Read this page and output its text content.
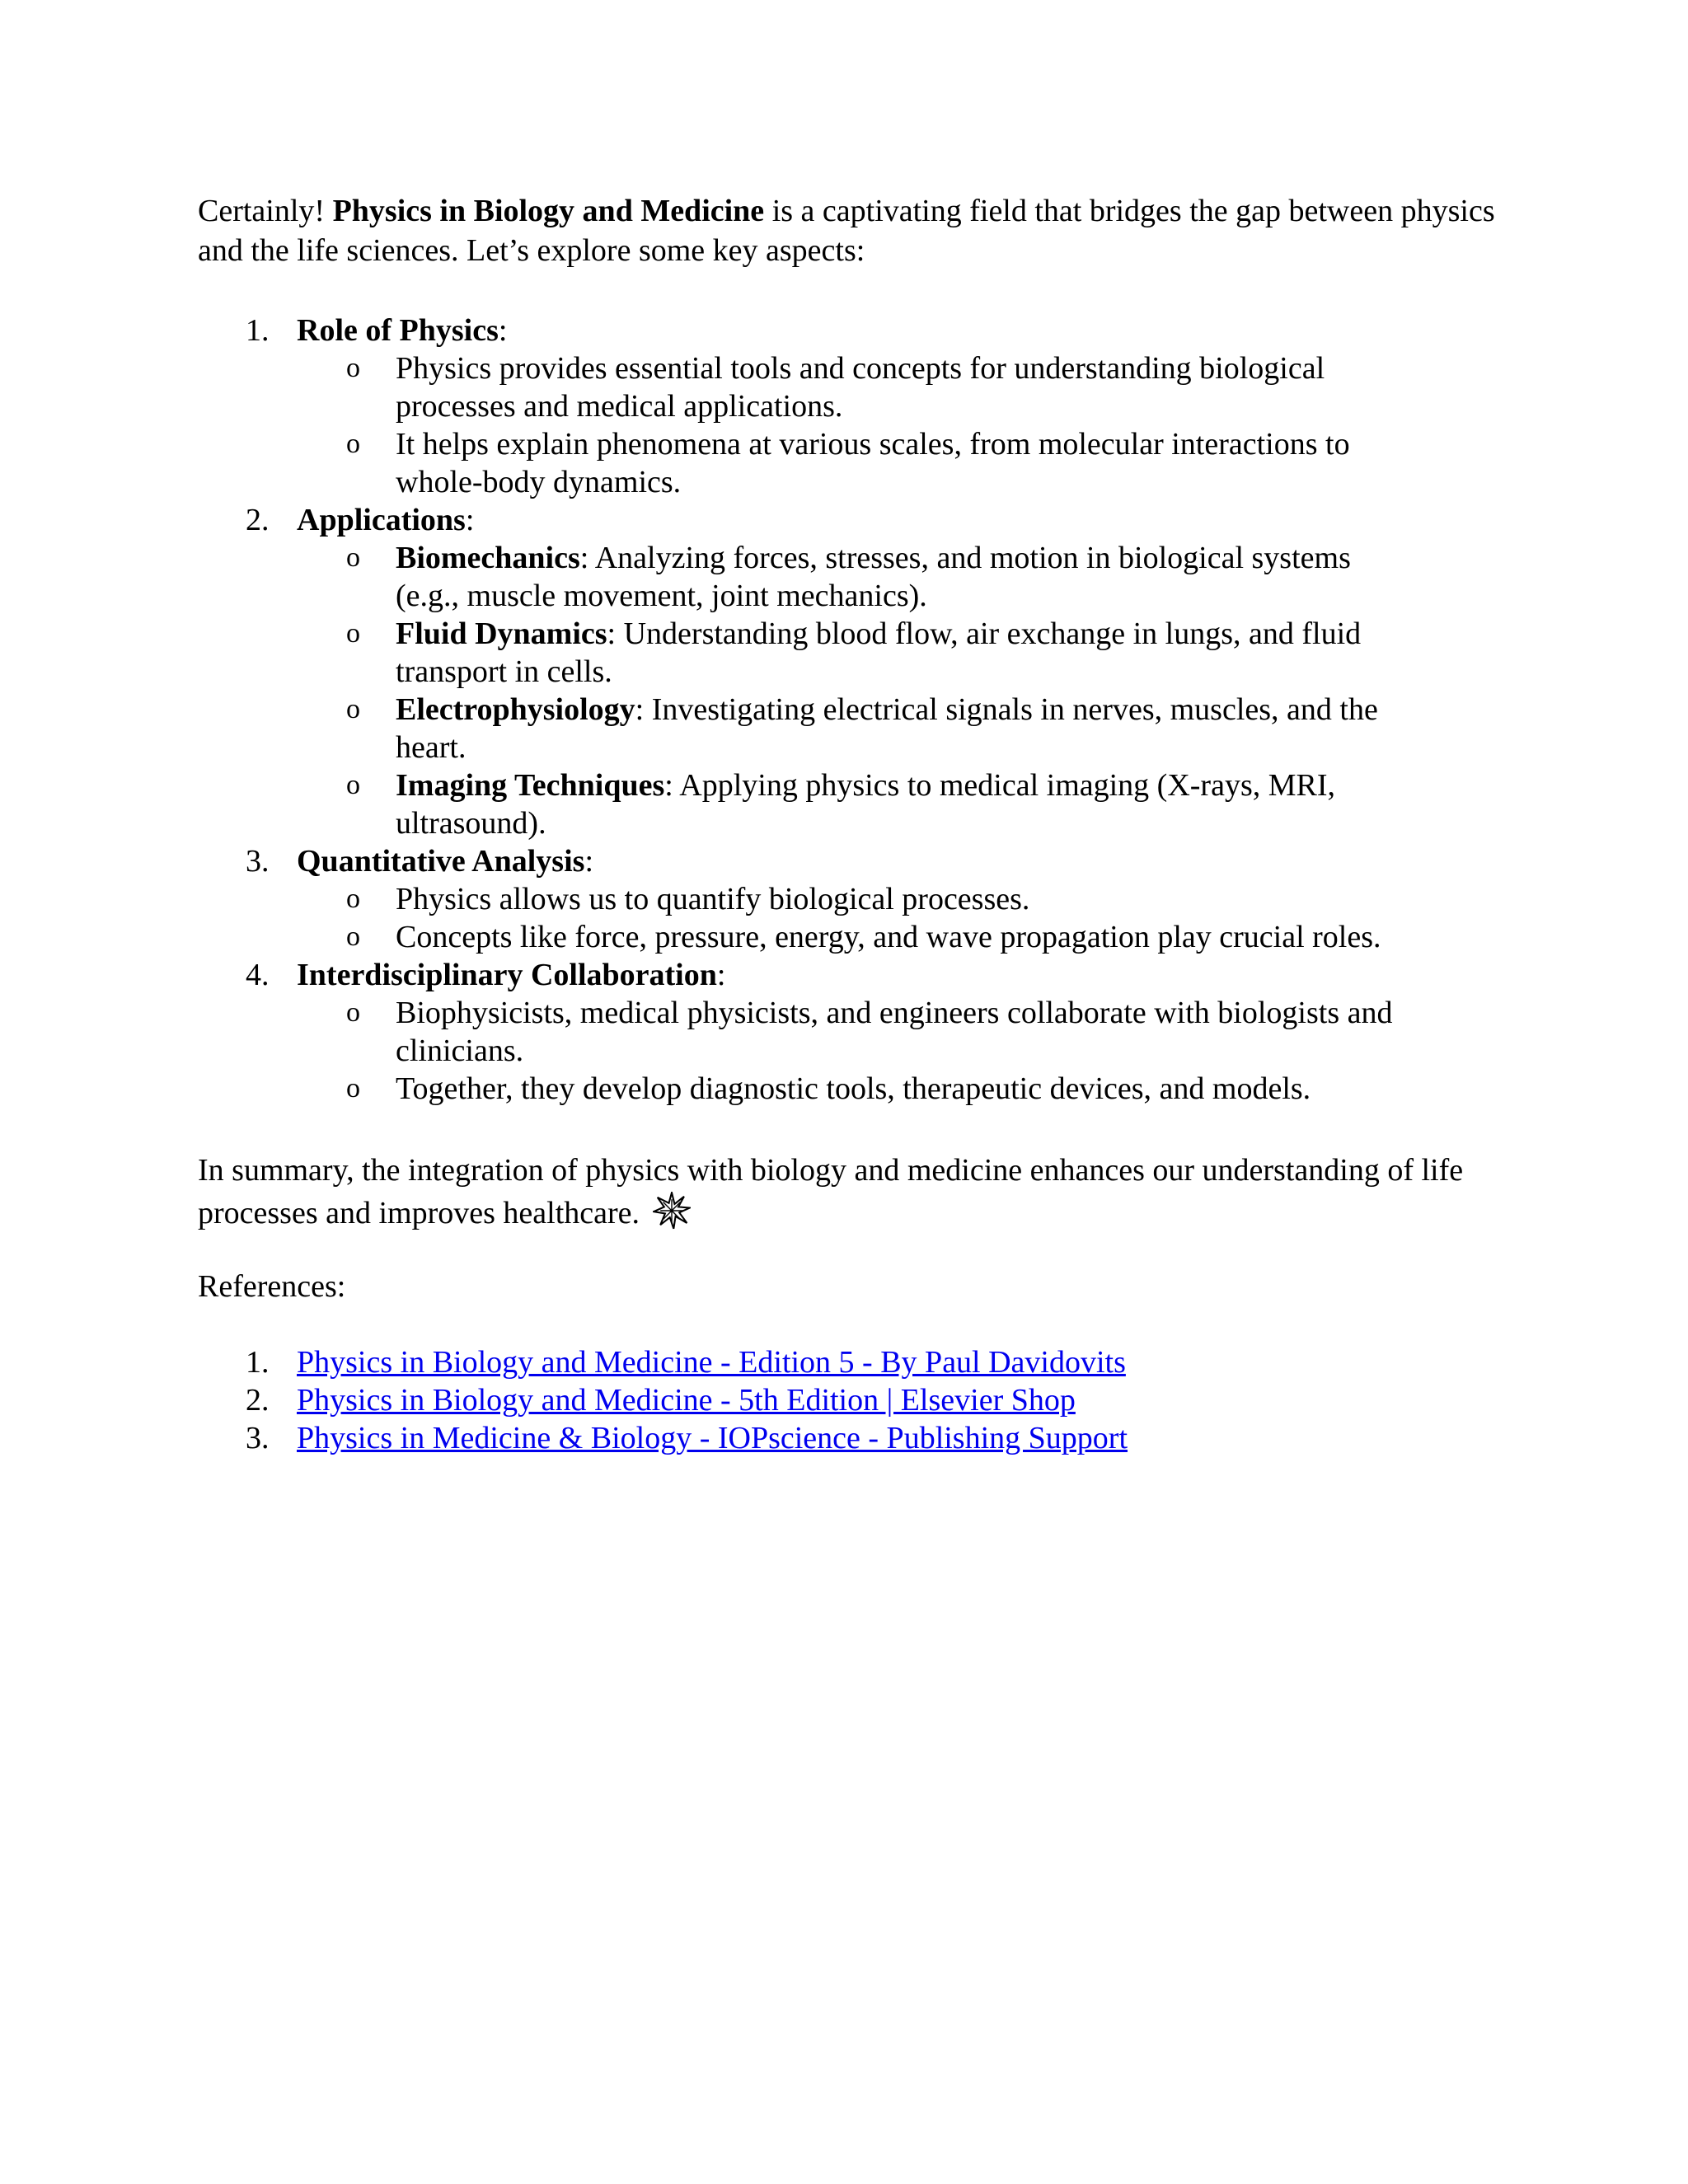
Certainly! Physics in Biology and Medicine is a captivating field that bridges the gap between physics and the life sciences. Let’s explore some key aspects:

1. Role of Physics:
o	Physics provides essential tools and concepts for understanding biological processes and medical applications.
o	It helps explain phenomena at various scales, from molecular interactions to whole-body dynamics.
2. Applications:
o	Biomechanics: Analyzing forces, stresses, and motion in biological systems (e.g., muscle movement, joint mechanics).
o	Fluid Dynamics: Understanding blood flow, air exchange in lungs, and fluid transport in cells.
o	Electrophysiology: Investigating electrical signals in nerves, muscles, and the heart.
o	Imaging Techniques: Applying physics to medical imaging (X-rays, MRI, ultrasound).
3. Quantitative Analysis:
o	Physics allows us to quantify biological processes.
o	Concepts like force, pressure, energy, and wave propagation play crucial roles.
4. Interdisciplinary Collaboration:
o	Biophysicists, medical physicists, and engineers collaborate with biologists and clinicians.
o	Together, they develop diagnostic tools, therapeutic devices, and models.

In summary, the integration of physics with biology and medicine enhances our understanding of life processes and improves healthcare.

References:

1. Physics in Biology and Medicine - Edition 5 - By Paul Davidovits
2. Physics in Biology and Medicine - 5th Edition | Elsevier Shop
3. Physics in Medicine & Biology - IOPscience - Publishing Support
